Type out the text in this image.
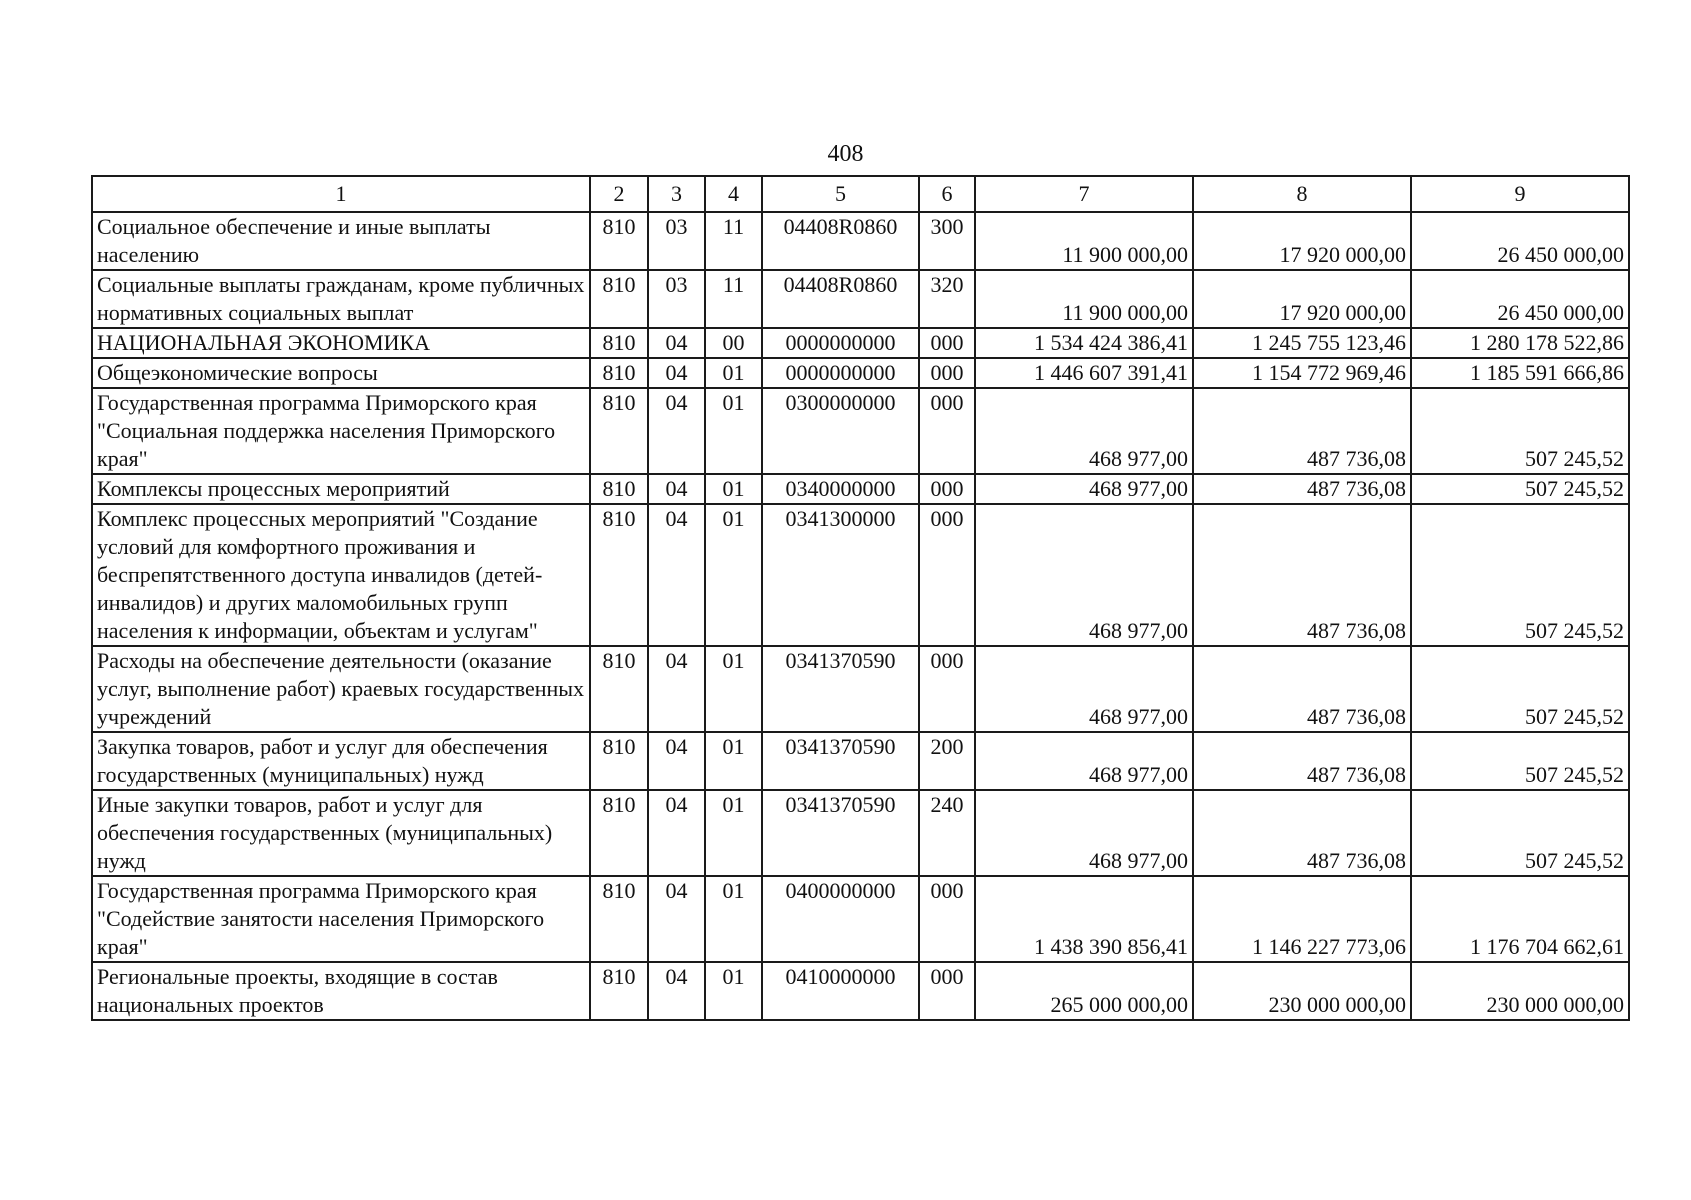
408
1	2	3	4	5	6	7	8	9
Социальное обеспечение и иные выплаты населению	810	03	11	04408R0860	300	11 900 000,00	17 920 000,00	26 450 000,00
Социальные выплаты гражданам, кроме публичных нормативных социальных выплат	810	03	11	04408R0860	320	11 900 000,00	17 920 000,00	26 450 000,00
НАЦИОНАЛЬНАЯ ЭКОНОМИКА	810	04	00	0000000000	000	1 534 424 386,41	1 245 755 123,46	1 280 178 522,86
Общеэкономические вопросы	810	04	01	0000000000	000	1 446 607 391,41	1 154 772 969,46	1 185 591 666,86
Государственная программа Приморского края "Социальная поддержка населения Приморского края"	810	04	01	0300000000	000	468 977,00	487 736,08	507 245,52
Комплексы процессных мероприятий	810	04	01	0340000000	000	468 977,00	487 736,08	507 245,52
Комплекс процессных мероприятий "Создание условий для комфортного проживания и беспрепятственного доступа инвалидов (детей-инвалидов) и других маломобильных групп населения к информации, объектам и услугам"	810	04	01	0341300000	000	468 977,00	487 736,08	507 245,52
Расходы на обеспечение деятельности (оказание услуг, выполнение работ) краевых государственных учреждений	810	04	01	0341370590	000	468 977,00	487 736,08	507 245,52
Закупка товаров, работ и услуг для обеспечения государственных (муниципальных) нужд	810	04	01	0341370590	200	468 977,00	487 736,08	507 245,52
Иные закупки товаров, работ и услуг для обеспечения государственных (муниципальных) нужд	810	04	01	0341370590	240	468 977,00	487 736,08	507 245,52
Государственная программа Приморского края "Содействие занятости населения Приморского края"	810	04	01	0400000000	000	1 438 390 856,41	1 146 227 773,06	1 176 704 662,61
Региональные проекты, входящие в состав национальных проектов	810	04	01	0410000000	000	265 000 000,00	230 000 000,00	230 000 000,00
